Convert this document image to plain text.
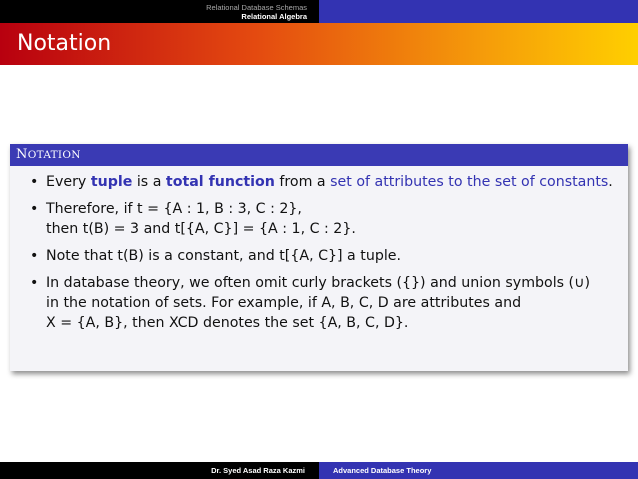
Relational Database Schemas
Relational Algebra
Notation
NOTATION
• Every tuple is a total function from a set of attributes to the set of constants.
• Therefore, if t = {A : 1, B : 3, C : 2},
then t(B) = 3 and t[{A, C}] = {A : 1, C : 2}.
• Note that t(B) is a constant, and t[{A, C}] a tuple.
• In database theory, we often omit curly brackets ({}) and union symbols (∪)
in the notation of sets. For example, if A, B, C, D are attributes and
X = {A, B}, then XCD denotes the set {A, B, C, D}.
Dr. Syed Asad Raza Kazmi	Advanced Database Theory
